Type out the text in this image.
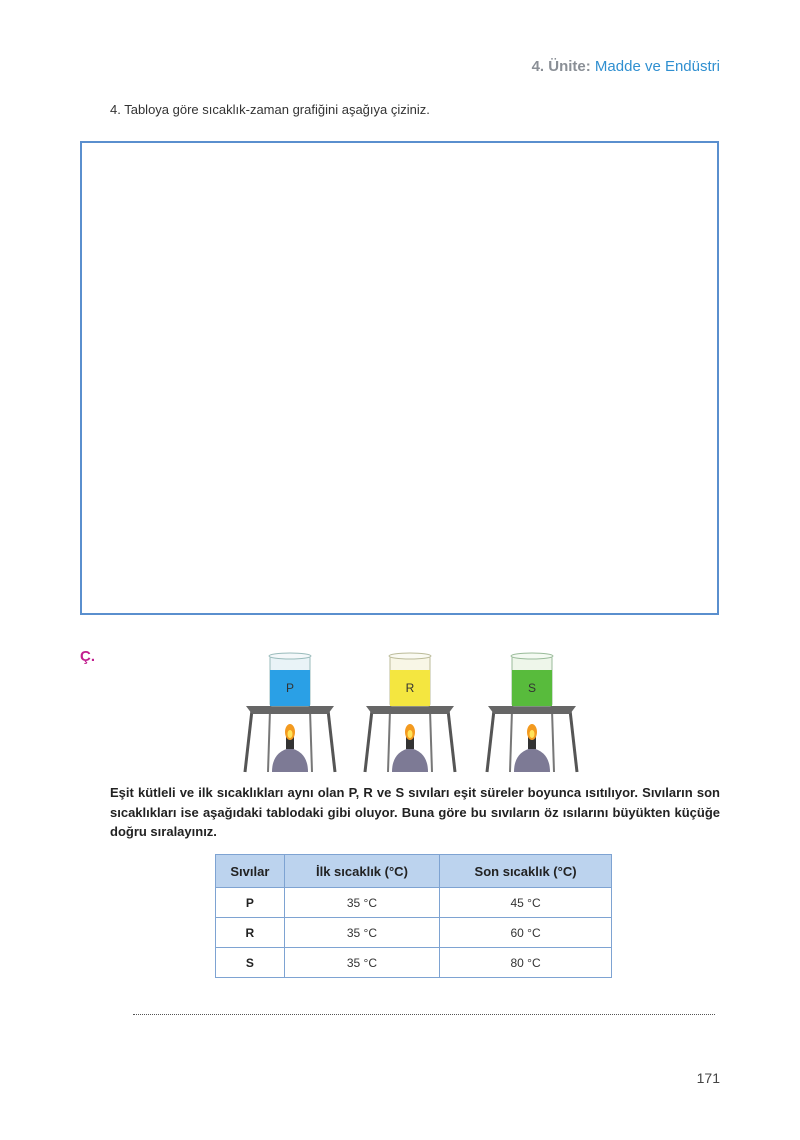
4. Ünite: Madde ve Endüstri
4. Tabloya göre sıcaklık-zaman grafiğini aşağıya çiziniz.
Ç.
P	R	S
Eşit kütleli ve ilk sıcaklıkları aynı olan P, R ve S sıvıları eşit süreler boyunca ısıtılıyor. Sıvıların son sıcaklıkları ise aşağıdaki tablodaki gibi oluyor. Buna göre bu sıvıların öz ısılarını büyükten küçüğe doğru sıralayınız.
Sıvılar	İlk sıcaklık (°C)	Son sıcaklık (°C)
P	35 °C	45 °C
R	35 °C	60 °C
S	35 °C	80 °C
171
